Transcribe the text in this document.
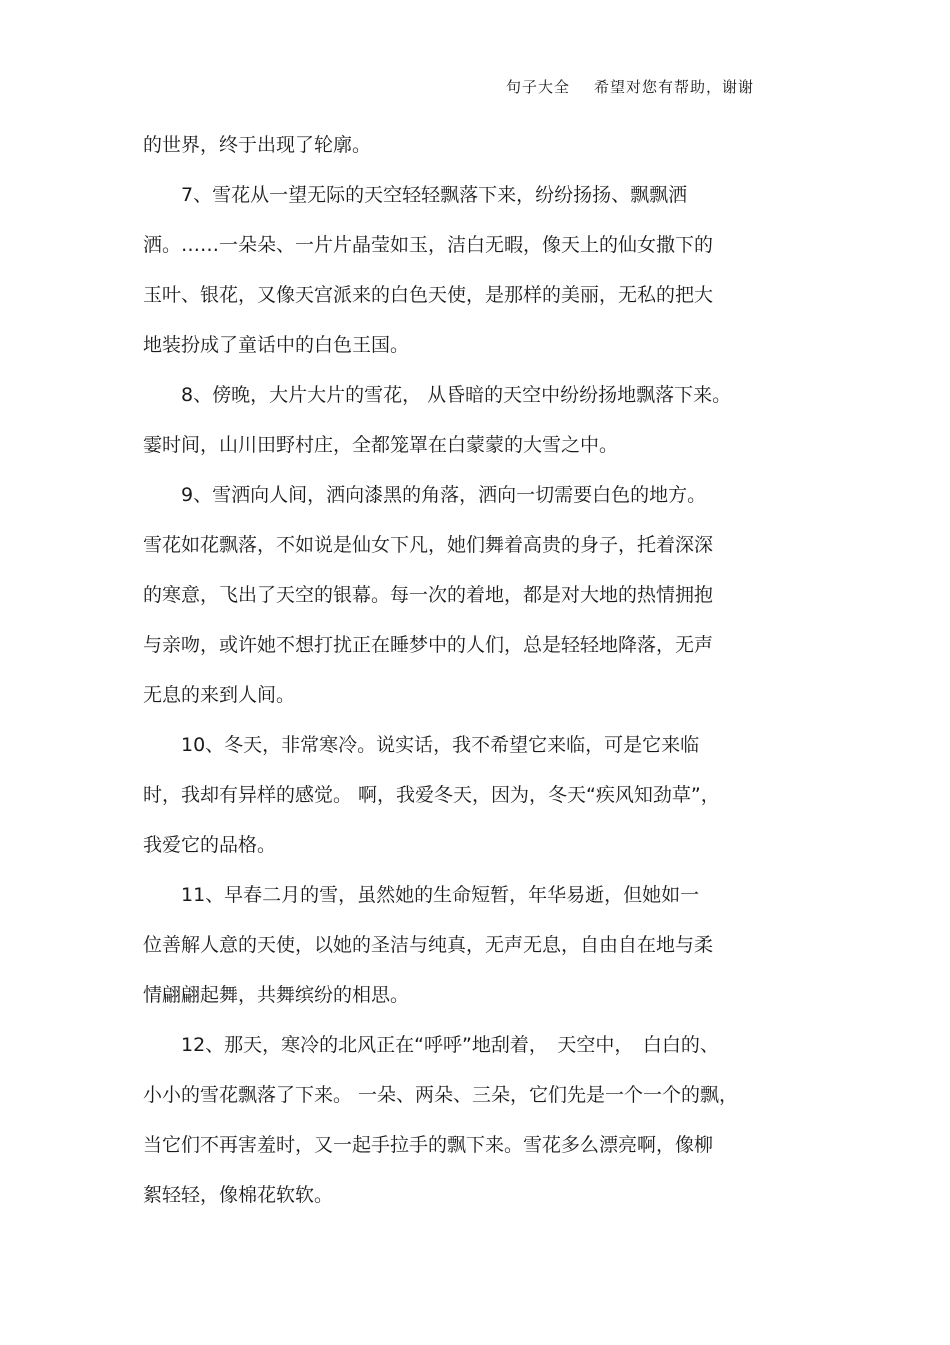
句子大全 希望对您有帮助，谢谢
的世界，终于出现了轮廓。
　　7、雪花从一望无际的天空轻轻飘落下来，纷纷扬扬、飘飘洒
洒。……一朵朵、一片片晶莹如玉，洁白无暇，像天上的仙女撒下的
玉叶、银花，又像天宫派来的白色天使，是那样的美丽，无私的把大
地装扮成了童话中的白色王国。
　　8、傍晚，大片大片的雪花， 从昏暗的天空中纷纷扬地飘落下来。
霎时间，山川田野村庄，全都笼罩在白蒙蒙的大雪之中。
　　9、雪洒向人间，洒向漆黑的角落，洒向一切需要白色的地方。
雪花如花飘落，不如说是仙女下凡，她们舞着高贵的身子，托着深深
的寒意，飞出了天空的银幕。每一次的着地，都是对大地的热情拥抱
与亲吻，或许她不想打扰正在睡梦中的人们，总是轻轻地降落，无声
无息的来到人间。
　　10、冬天，非常寒冷。说实话，我不希望它来临，可是它来临
时，我却有异样的感觉。 啊，我爱冬天，因为，冬天“疾风知劲草”，
我爱它的品格。
　　11、早春二月的雪，虽然她的生命短暂，年华易逝，但她如一
位善解人意的天使，以她的圣洁与纯真，无声无息，自由自在地与柔
情翩翩起舞，共舞缤纷的相思。
　　12、那天，寒冷的北风正在“呼呼”地刮着，　天空中，　白白的、
小小的雪花飘落了下来。 一朵、两朵、三朵，它们先是一个一个的飘，
当它们不再害羞时，又一起手拉手的飘下来。雪花多么漂亮啊，像柳
絮轻轻，像棉花软软。
